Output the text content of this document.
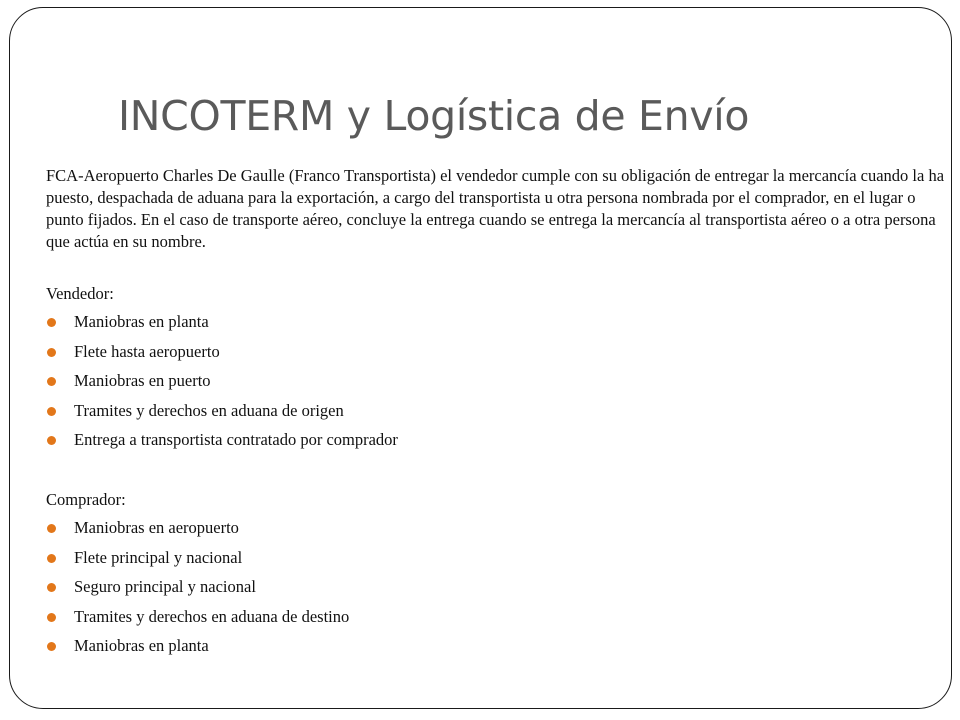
INCOTERM y Logística de Envío

FCA-Aeropuerto Charles De Gaulle (Franco Transportista) el vendedor cumple con su obligación de entregar la mercancía cuando la ha puesto, despachada de aduana para la exportación, a cargo del transportista u otra persona nombrada por el comprador, en el lugar o punto fijados. En el caso de transporte aéreo, concluye la entrega cuando se entrega la mercancía al transportista aéreo o a otra persona que actúa en su nombre.

Vendedor:

Maniobras en planta
Flete hasta aeropuerto
Maniobras en puerto
Tramites y derechos en aduana de origen
Entrega a transportista contratado por comprador

Comprador:

Maniobras en aeropuerto
Flete principal y nacional
Seguro principal y nacional
Tramites y derechos en aduana de destino
Maniobras en planta
